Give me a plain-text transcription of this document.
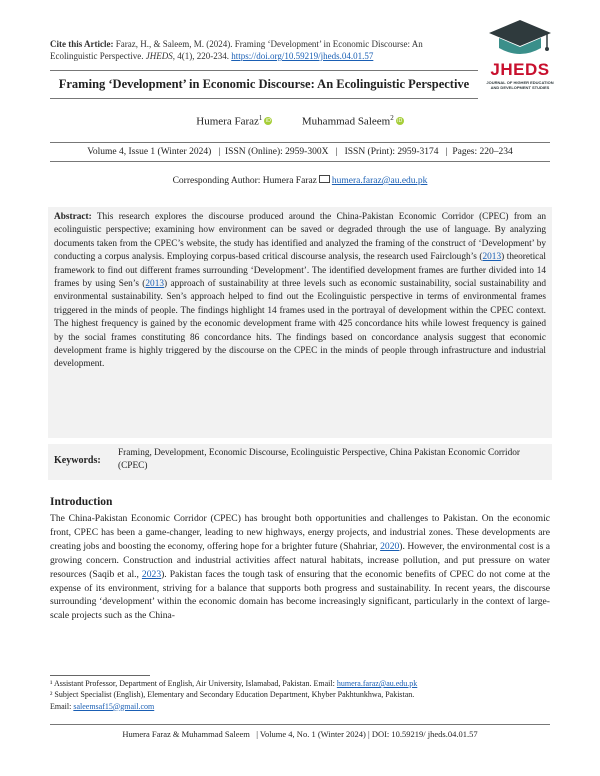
Cite this Article: Faraz, H., & Saleem, M. (2024). Framing ‘Development’ in Economic Discourse: An
Ecolinguistic Perspective. JHEDS, 4(1), 220-234. https://doi.org/10.59219/jheds.04.01.57
JHEDS
JOURNAL OF HIGHER EDUCATION
AND DEVELOPMENT STUDIES
Framing ‘Development’ in Economic Discourse: An Ecolinguistic Perspective
Humera Faraz$^1$ iD	Muhammad Saleem$^2$ iD
Volume 4, Issue 1 (Winter 2024)   |  ISSN (Online): 2959-300X   |   ISSN (Print): 2959-3174   |  Pages: 220–234
Corresponding Author: Humera Faraz humera.faraz@au.edu.pk
Abstract: This research explores the discourse produced around the China-Pakistan Economic Corridor (CPEC) from an ecolinguistic perspective; examining how environment can be saved or degraded through the use of language. By analyzing documents taken from the CPEC’s website, the study has identified and analyzed the framing of the construct of ‘Development’ by conducting a corpus analysis. Employing corpus-based critical discourse analysis, the research used Fairclough’s (2013) theoretical framework to find out different frames surrounding ‘Development’. The identified development frames are further divided into 14 frames by using Sen’s (2013) approach of sustainability at three levels such as economic sustainability, social sustainability and environmental sustainability. Sen’s approach helped to find out the Ecolinguistic perspective in terms of environmental frames triggered in the minds of people. The findings highlight 14 frames used in the portrayal of development within the CPEC context. The highest frequency is gained by the economic development frame with 425 concordance hits while lowest frequency is gained by the social frames constituting 86 concordance hits. The findings based on concordance analysis suggest that economic development frame is highly triggered by the discourse on the CPEC in the minds of people through infrastructure and industrial development.
Keywords:
Framing, Development, Economic Discourse, Ecolinguistic Perspective, China Pakistan Economic Corridor (CPEC)
Introduction
The China-Pakistan Economic Corridor (CPEC) has brought both opportunities and challenges to Pakistan. On the economic front, CPEC has been a game-changer, leading to new highways, energy projects, and industrial zones. These developments are creating jobs and boosting the economy, offering hope for a brighter future (Shahriar, 2020). However, the environmental cost is a growing concern. Construction and industrial activities affect natural habitats, increase pollution, and put pressure on water resources (Saqib et al., 2023). Pakistan faces the tough task of ensuring that the economic benefits of CPEC do not come at the expense of its environment, striving for a balance that supports both progress and sustainability. In recent years, the discourse surrounding ‘development’ within the economic domain has become increasingly significant, particularly in the context of large-scale projects such as the China-
¹ Assistant Professor, Department of English, Air University, Islamabad, Pakistan. Email: humera.faraz@au.edu.pk
² Subject Specialist (English), Elementary and Secondary Education Department, Khyber Pakhtunkhwa, Pakistan.
Email: saleemsaf15@gmail.com
Humera Faraz & Muhammad Saleem   | Volume 4, No. 1 (Winter 2024) | DOI: 10.59219/ jheds.04.01.57
